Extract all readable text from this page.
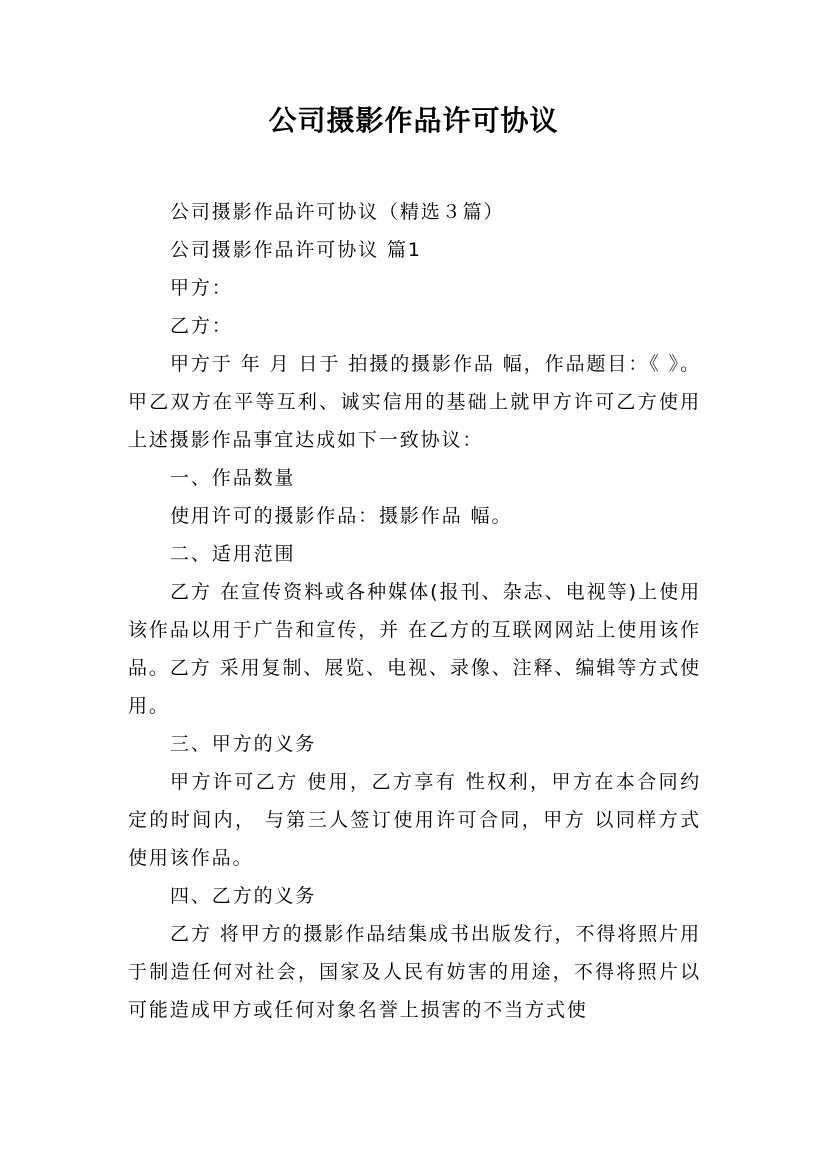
公司摄影作品许可协议

公司摄影作品许可协议（精选３篇）

公司摄影作品许可协议 篇1

甲方：

乙方：

甲方于 年 月 日于 拍摄的摄影作品 幅，作品题目：《 》。甲乙双方在平等互利、诚实信用的基础上就甲方许可乙方使用上述摄影作品事宜达成如下一致协议：

一、作品数量

使用许可的摄影作品：摄影作品 幅。

二、适用范围

乙方 在宣传资料或各种媒体(报刊、杂志、电视等)上使用该作品以用于广告和宣传，并 在乙方的互联网网站上使用该作品。乙方 采用复制、展览、电视、录像、注释、编辑等方式使用。

三、甲方的义务

甲方许可乙方 使用，乙方享有 性权利，甲方在本合同约定的时间内， 与第三人签订使用许可合同，甲方 以同样方式使用该作品。

四、乙方的义务

乙方 将甲方的摄影作品结集成书出版发行，不得将照片用于制造任何对社会，国家及人民有妨害的用途，不得将照片以可能造成甲方或任何对象名誉上损害的不当方式使
